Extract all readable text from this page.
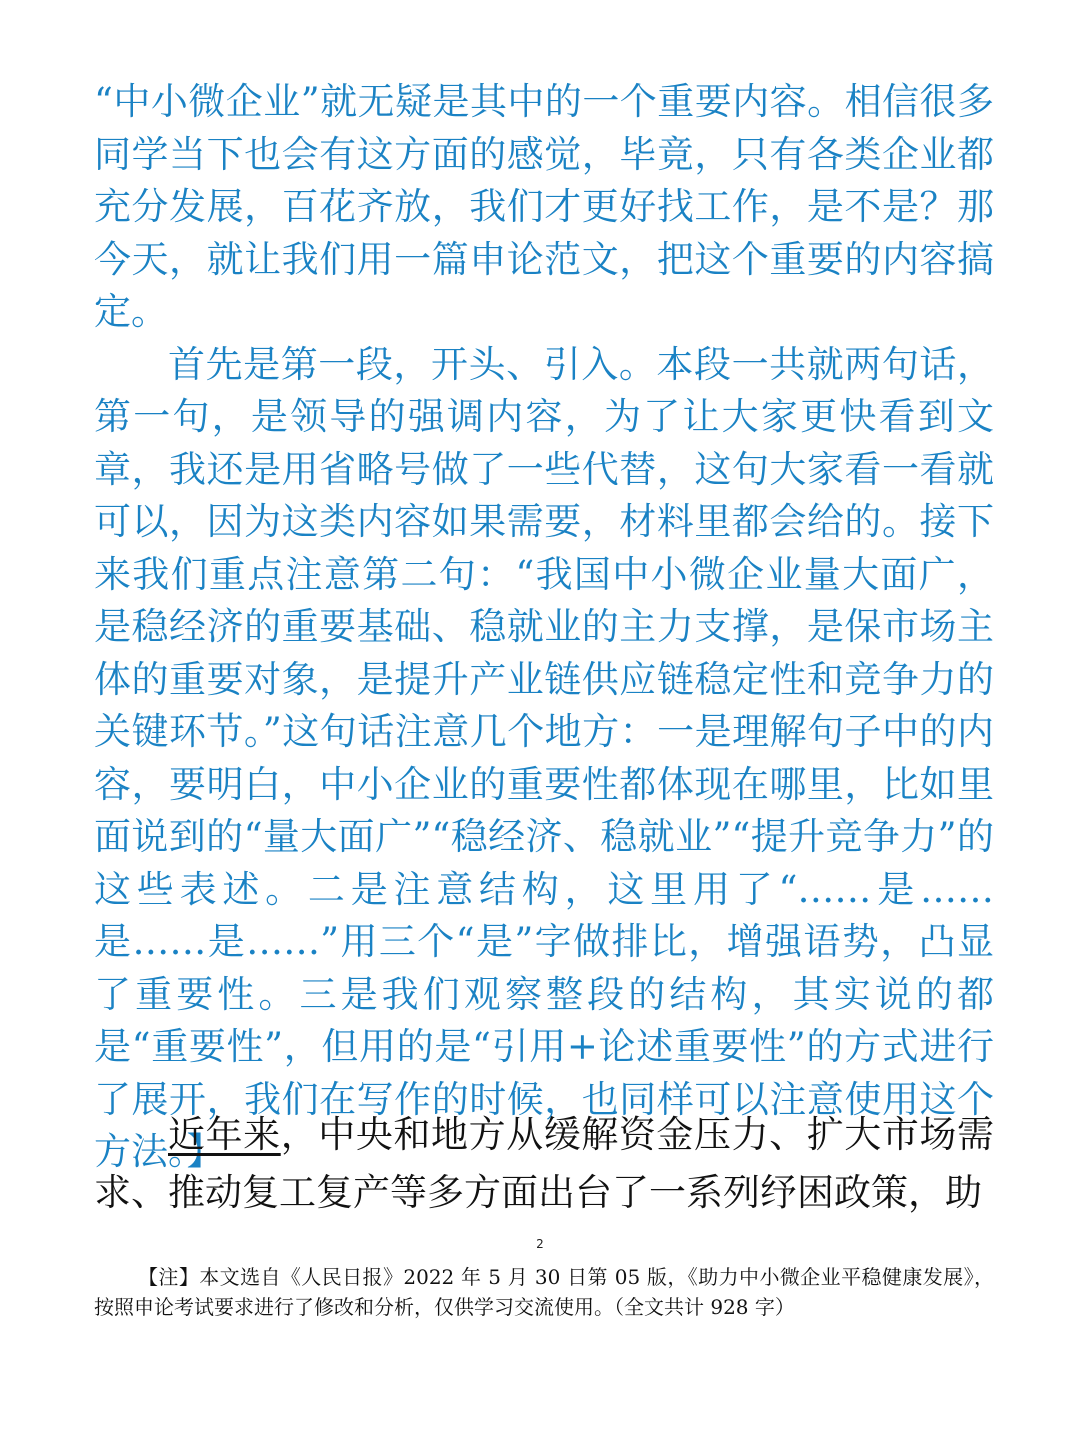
“中小微企业”就无疑是其中的一个重要内容。相信很多同学当下也会有这方面的感觉，毕竟，只有各类企业都充分发展，百花齐放，我们才更好找工作，是不是？那今天，就让我们用一篇申论范文，把这个重要的内容搞定。

首先是第一段，开头、引入。本段一共就两句话，第一句，是领导的强调内容，为了让大家更快看到文章，我还是用省略号做了一些代替，这句大家看一看就可以，因为这类内容如果需要，材料里都会给的。接下来我们重点注意第二句：“我国中小微企业量大面广，是稳经济的重要基础、稳就业的主力支撑，是保市场主体的重要对象，是提升产业链供应链稳定性和竞争力的关键环节。”这句话注意几个地方：一是理解句子中的内容，要明白，中小企业的重要性都体现在哪里，比如里面说到的“量大面广”“稳经济、稳就业”“提升竞争力”的这些表述。二是注意结构，这里用了“……是……是……是……”用三个“是”字做排比，增强语势，凸显了重要性。三是我们观察整段的结构，其实说的都是“重要性”，但用的是“引用+论述重要性”的方式进行了展开，我们在写作的时候，也同样可以注意使用这个方法。】

近年来，中央和地方从缓解资金压力、扩大市场需求、推动复工复产等多方面出台了一系列纾困政策，助

2

【注】本文选自《人民日报》2022 年 5 月 30 日第 05 版，《助力中小微企业平稳健康发展》，按照申论考试要求进行了修改和分析，仅供学习交流使用。（全文共计 928 字）
